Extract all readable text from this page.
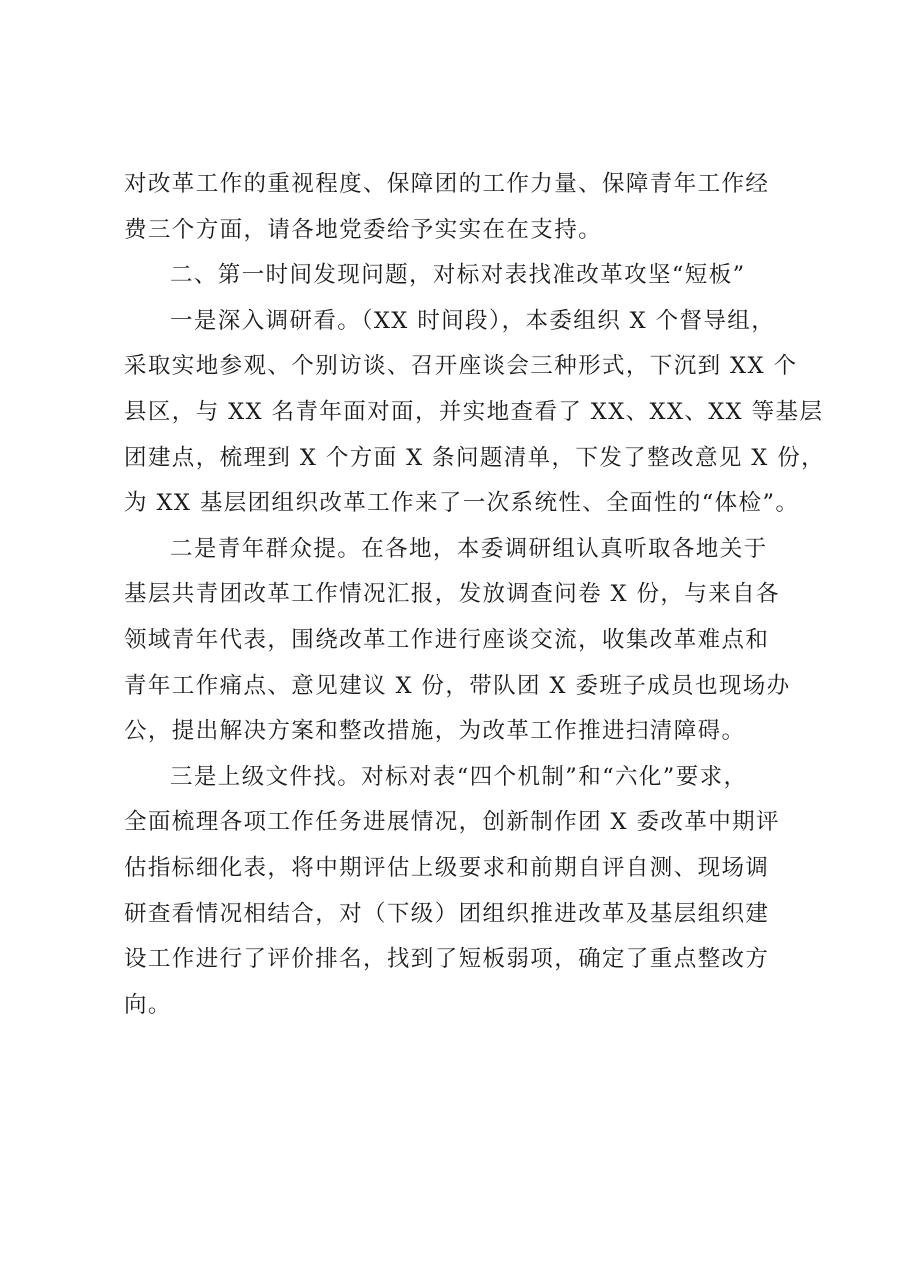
对改革工作的重视程度、保障团的工作力量、保障青年工作经
费三个方面，请各地党委给予实实在在支持。
二、第一时间发现问题，对标对表找准改革攻坚“短板”
一是深入调研看。（XX 时间段），本委组织 X 个督导组，
采取实地参观、个别访谈、召开座谈会三种形式，下沉到 XX 个
县区，与 XX 名青年面对面，并实地查看了 XX、XX、XX 等基层
团建点，梳理到 X 个方面 X 条问题清单，下发了整改意见 X 份，
为 XX 基层团组织改革工作来了一次系统性、全面性的“体检”。
二是青年群众提。在各地，本委调研组认真听取各地关于
基层共青团改革工作情况汇报，发放调查问卷 X 份，与来自各
领域青年代表，围绕改革工作进行座谈交流，收集改革难点和
青年工作痛点、意见建议 X 份，带队团 X 委班子成员也现场办
公，提出解决方案和整改措施，为改革工作推进扫清障碍。
三是上级文件找。对标对表“四个机制”和“六化”要求，
全面梳理各项工作任务进展情况，创新制作团 X 委改革中期评
估指标细化表，将中期评估上级要求和前期自评自测、现场调
研查看情况相结合，对（下级）团组织推进改革及基层组织建
设工作进行了评价排名，找到了短板弱项，确定了重点整改方
向。
